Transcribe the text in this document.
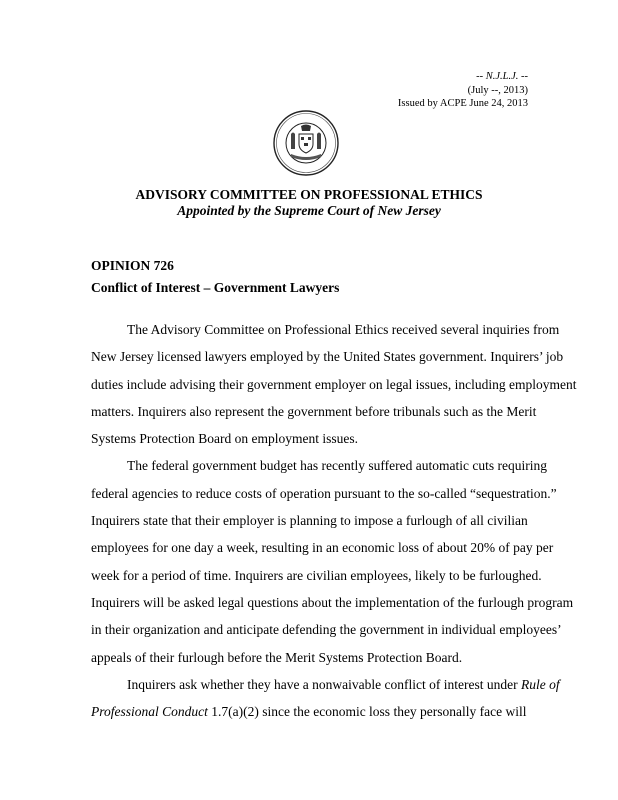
-- N.J.L.J. --
(July --, 2013)
Issued by ACPE June 24, 2013
ADVISORY COMMITTEE ON PROFESSIONAL ETHICS
Appointed by the Supreme Court of New Jersey
OPINION 726
Conflict of Interest – Government Lawyers

The Advisory Committee on Professional Ethics received several inquiries from
New Jersey licensed lawyers employed by the United States government. Inquirers’ job
duties include advising their government employer on legal issues, including employment
matters. Inquirers also represent the government before tribunals such as the Merit
Systems Protection Board on employment issues.

The federal government budget has recently suffered automatic cuts requiring
federal agencies to reduce costs of operation pursuant to the so-called “sequestration.”
Inquirers state that their employer is planning to impose a furlough of all civilian
employees for one day a week, resulting in an economic loss of about 20% of pay per
week for a period of time. Inquirers are civilian employees, likely to be furloughed.
Inquirers will be asked legal questions about the implementation of the furlough program
in their organization and anticipate defending the government in individual employees’
appeals of their furlough before the Merit Systems Protection Board.

Inquirers ask whether they have a nonwaivable conflict of interest under Rule of
Professional Conduct 1.7(a)(2) since the economic loss they personally face will
